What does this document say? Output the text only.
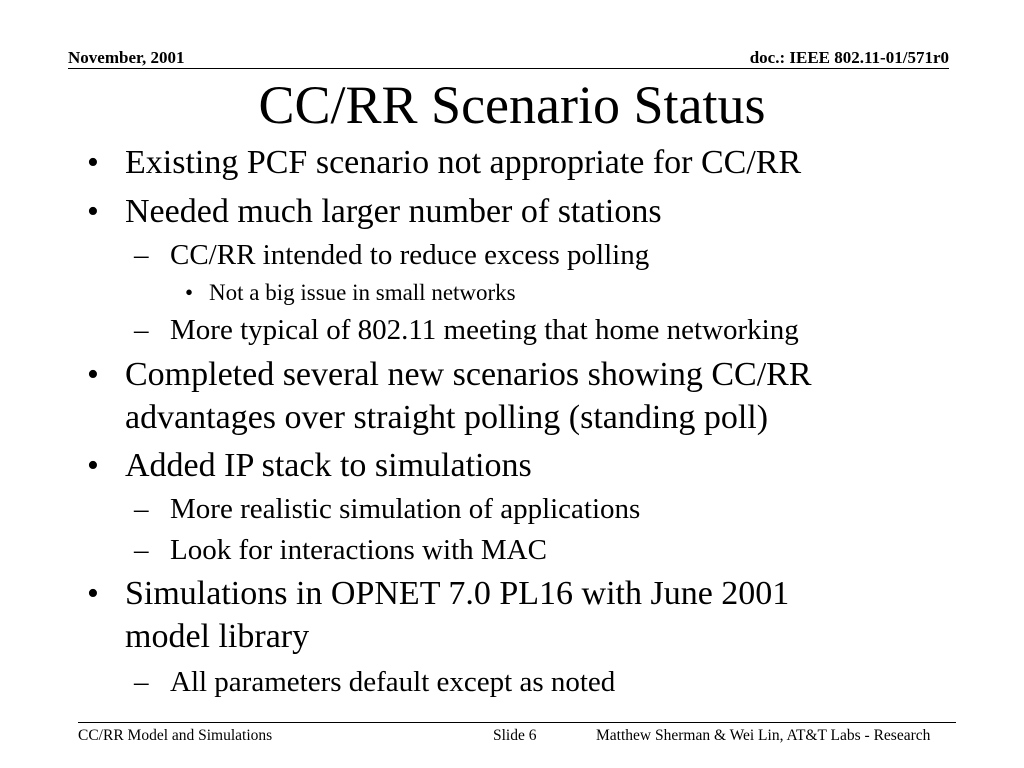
November, 2001	doc.: IEEE 802.11-01/571r0
CC/RR Scenario Status
• Existing PCF scenario not appropriate for CC/RR
• Needed much larger number of stations
– CC/RR intended to reduce excess polling
• Not a big issue in small networks
– More typical of 802.11 meeting that home networking
• Completed several new scenarios showing CC/RR
advantages over straight polling (standing poll)
• Added IP stack to simulations
– More realistic simulation of applications
– Look for interactions with MAC
• Simulations in OPNET 7.0 PL16 with June 2001
model library
– All parameters default except as noted
CC/RR Model and Simulations	Slide 6	Matthew Sherman & Wei Lin, AT&T Labs - Research
